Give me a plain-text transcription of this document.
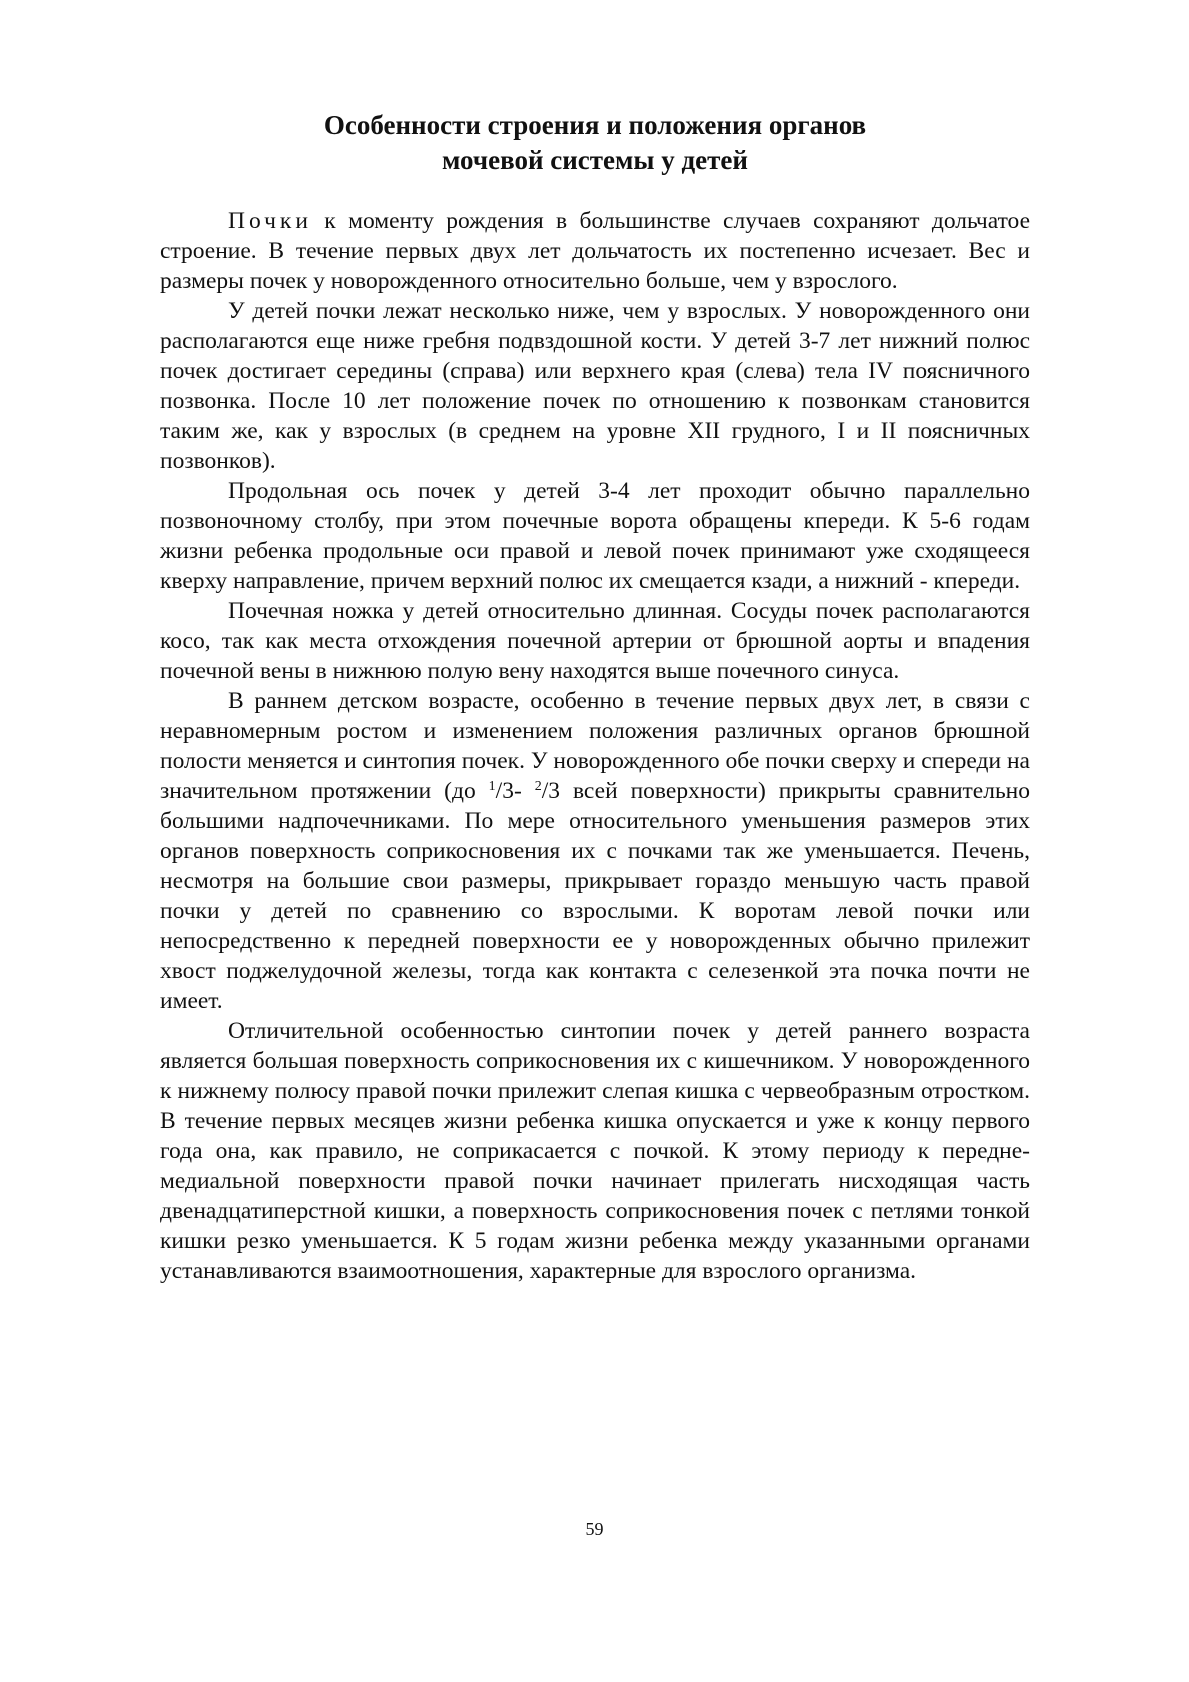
Особенности строения и положения органов
мочевой системы у детей

Почки к моменту рождения в большинстве случаев сохраняют дольчатое строение. В течение первых двух лет дольчатость их постепенно исчезает. Вес и размеры почек у новорожденного относительно больше, чем у взрослого.

У детей почки лежат несколько ниже, чем у взрослых. У новорожденного они располагаются еще ниже гребня подвздошной кости. У детей 3-7 лет нижний полюс почек достигает середины (справа) или верхнего края (слева) тела IV поясничного позвонка. После 10 лет положение почек по отношению к позвонкам становится таким же, как у взрослых (в среднем на уровне XII грудного, I и II поясничных позвонков).

Продольная ось почек у детей 3-4 лет проходит обычно параллельно позвоночному столбу, при этом почечные ворота обращены кпереди. К 5-6 годам жизни ребенка продольные оси правой и левой почек принимают уже сходящееся кверху направление, причем верхний полюс их смещается кзади, а нижний - кпереди.

Почечная ножка у детей относительно длинная. Сосуды почек располагаются косо, так как места отхождения почечной артерии от брюшной аорты и впадения почечной вены в нижнюю полую вену находятся выше почечного синуса.

В раннем детском возрасте, особенно в течение первых двух лет, в связи с неравномерным ростом и изменением положения различных органов брюшной полости меняется и синтопия почек. У новорожденного обе почки сверху и спереди на значительном протяжении (до $^1$/3- $^2$/3 всей поверхности) прикрыты сравнительно большими надпочечниками. По мере относительного уменьшения размеров этих органов поверхность соприкосновения их с почками так же уменьшается. Печень, несмотря на большие свои размеры, прикрывает гораздо меньшую часть правой почки у детей по сравнению со взрослыми. К воротам левой почки или непосредственно к передней поверхности ее у новорожденных обычно прилежит хвост поджелудочной железы, тогда как контакта с селезенкой эта почка почти не имеет.

Отличительной особенностью синтопии почек у детей раннего возраста является большая поверхность соприкосновения их с кишечником. У новорожденного к нижнему полюсу правой почки прилежит слепая кишка с червеобразным отростком. В течение первых месяцев жизни ребенка кишка опускается и уже к концу первого года она, как правило, не соприкасается с почкой. К этому периоду к передне-медиальной поверхности правой почки начинает прилегать нисходящая часть двенадцатиперстной кишки, а поверхность соприкосновения почек с петлями тонкой кишки резко уменьшается. К 5 годам жизни ребенка между указанными органами устанавливаются взаимоотношения, характерные для взрослого организма.

59
